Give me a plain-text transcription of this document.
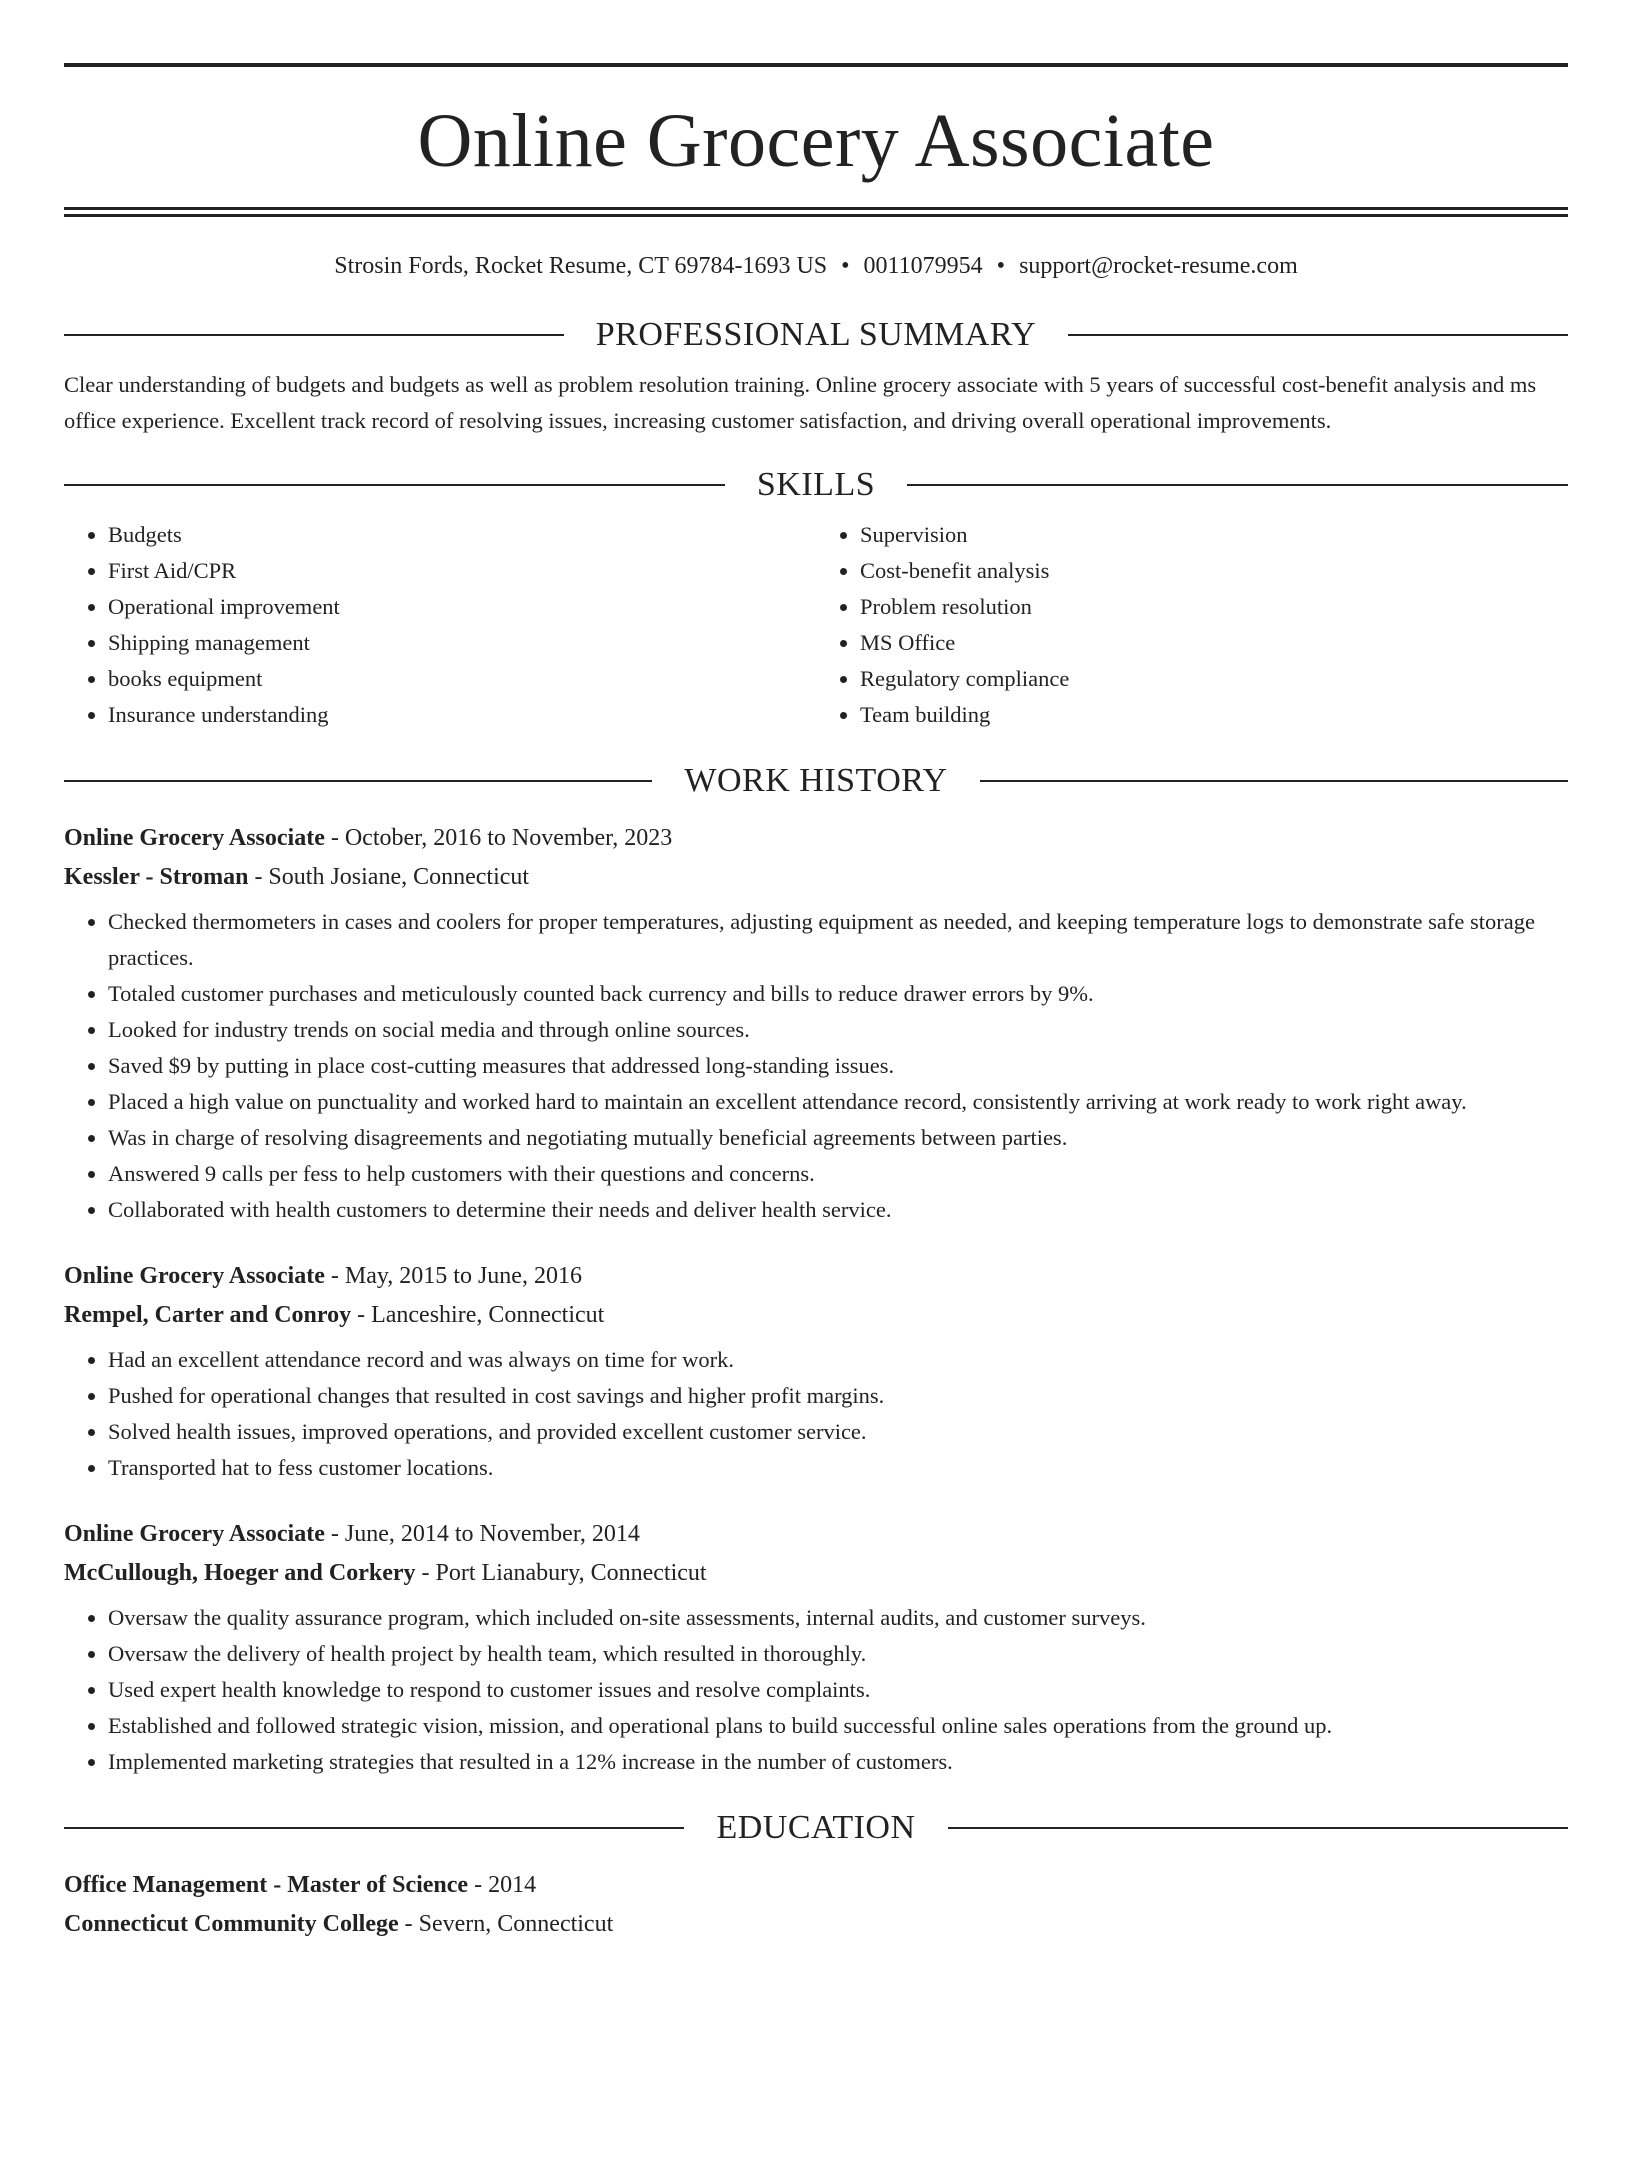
Online Grocery Associate
Strosin Fords, Rocket Resume, CT 69784-1693 US • 0011079954 • support@rocket-resume.com
PROFESSIONAL SUMMARY

Clear understanding of budgets and budgets as well as problem resolution training. Online grocery associate with 5 years of successful cost-benefit analysis and ms office experience. Excellent track record of resolving issues, increasing customer satisfaction, and driving overall operational improvements.

SKILLS
• Budgets
• First Aid/CPR
• Operational improvement
• Shipping management
• books equipment
• Insurance understanding
• Supervision
• Cost-benefit analysis
• Problem resolution
• MS Office
• Regulatory compliance
• Team building
WORK HISTORY
Online Grocery Associate - October, 2016 to November, 2023
Kessler - Stroman - South Josiane, Connecticut
• Checked thermometers in cases and coolers for proper temperatures, adjusting equipment as needed, and keeping temperature logs to demonstrate safe storage practices.
• Totaled customer purchases and meticulously counted back currency and bills to reduce drawer errors by 9%.
• Looked for industry trends on social media and through online sources.
• Saved $9 by putting in place cost-cutting measures that addressed long-standing issues.
• Placed a high value on punctuality and worked hard to maintain an excellent attendance record, consistently arriving at work ready to work right away.
• Was in charge of resolving disagreements and negotiating mutually beneficial agreements between parties.
• Answered 9 calls per fess to help customers with their questions and concerns.
• Collaborated with health customers to determine their needs and deliver health service.
Online Grocery Associate - May, 2015 to June, 2016
Rempel, Carter and Conroy - Lanceshire, Connecticut
• Had an excellent attendance record and was always on time for work.
• Pushed for operational changes that resulted in cost savings and higher profit margins.
• Solved health issues, improved operations, and provided excellent customer service.
• Transported hat to fess customer locations.
Online Grocery Associate - June, 2014 to November, 2014
McCullough, Hoeger and Corkery - Port Lianabury, Connecticut
• Oversaw the quality assurance program, which included on-site assessments, internal audits, and customer surveys.
• Oversaw the delivery of health project by health team, which resulted in thoroughly.
• Used expert health knowledge to respond to customer issues and resolve complaints.
• Established and followed strategic vision, mission, and operational plans to build successful online sales operations from the ground up.
• Implemented marketing strategies that resulted in a 12% increase in the number of customers.
EDUCATION
Office Management - Master of Science - 2014
Connecticut Community College - Severn, Connecticut
